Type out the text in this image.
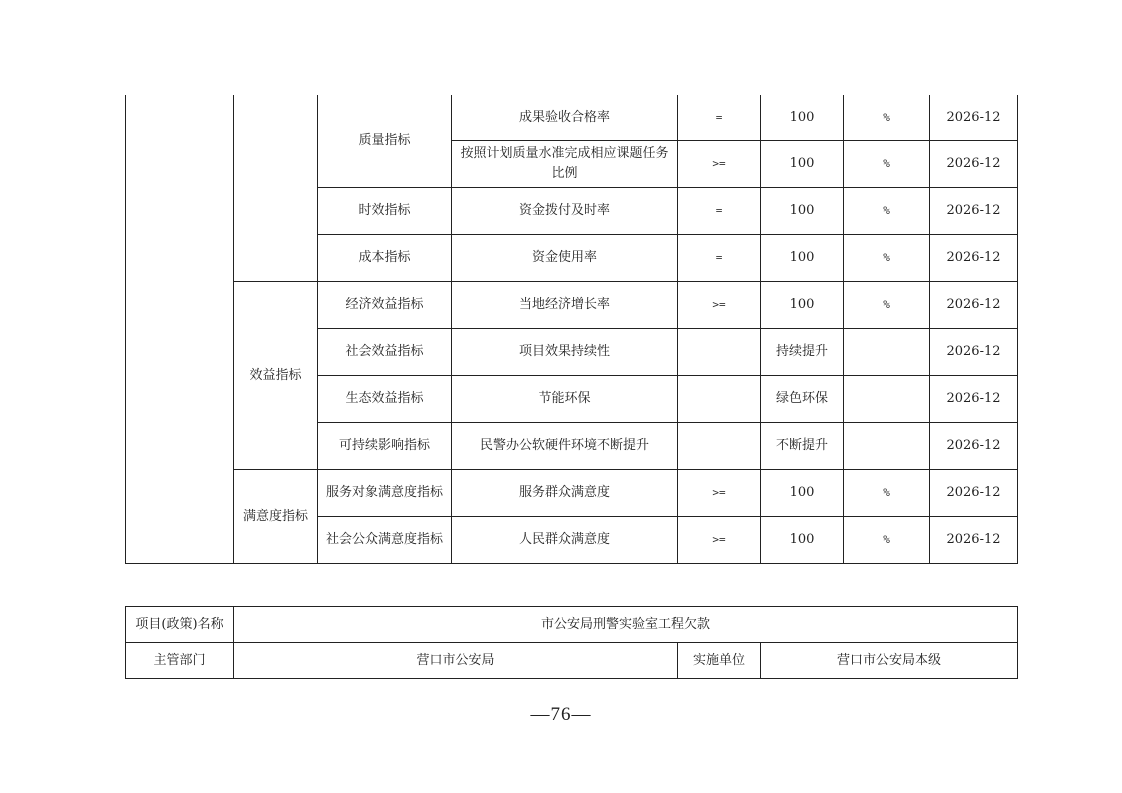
		质量指标	成果验收合格率	=	100	%	2026-12
			按照计划质量水准完成相应课题任务比例	>=	100	%	2026-12
		时效指标	资金拨付及时率	=	100	%	2026-12
		成本指标	资金使用率	=	100	%	2026-12
	效益指标	经济效益指标	当地经济增长率	>=	100	%	2026-12
		社会效益指标	项目效果持续性		持续提升		2026-12
		生态效益指标	节能环保		绿色环保		2026-12
		可持续影响指标	民警办公软硬件环境不断提升		不断提升		2026-12
	满意度指标	服务对象满意度指标	服务群众满意度	>=	100	%	2026-12
		社会公众满意度指标	人民群众满意度	>=	100	%	2026-12
项目(政策)名称	市公安局刑警实验室工程欠款		
主管部门	营口市公安局	实施单位	营口市公安局本级
—76—
